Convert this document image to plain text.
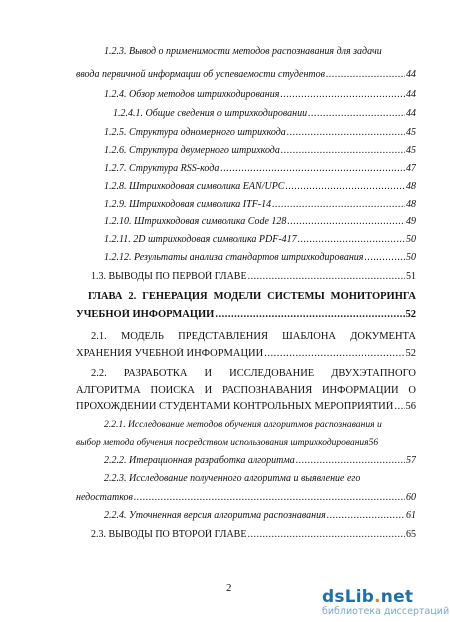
1.2.3. Вывод о применимости методов распознавания для задачи
ввода первичной информации об успеваемости студентов .....	44
1.2.4. Обзор методов штрихкодирования .....	44
1.2.4.1. Общие сведения о штрихкодировании .....	44
1.2.5. Структура одномерного штрихкода .....	45
1.2.6. Структура двумерного штрихкода .....	45
1.2.7. Структура RSS-кода .....	47
1.2.8. Штрихкодовая символика EAN/UPC .....	48
1.2.9. Штрихкодовая символика ITF-14 .....	48
1.2.10. Штрихкодовая символика Code 128 .....	49
1.2.11. 2D штрихкодовая символика PDF-417 .....	50
1.2.12. Результаты анализа стандартов штрихкодирования .....	50
1.3. ВЫВОДЫ ПО ПЕРВОЙ ГЛАВЕ .....	51
ГЛАВА 2. ГЕНЕРАЦИЯ МОДЕЛИ СИСТЕМЫ МОНИТОРИНГА
УЧЕБНОЙ ИНФОРМАЦИИ .....	52
2.1. МОДЕЛЬ ПРЕДСТАВЛЕНИЯ ШАБЛОНА ДОКУМЕНТА
ХРАНЕНИЯ УЧЕБНОЙ ИНФОРМАЦИИ .....	52
2.2. РАЗРАБОТКА И ИССЛЕДОВАНИЕ ДВУХЭТАПНОГО
АЛГОРИТМА ПОИСКА И РАСПОЗНАВАНИЯ ИНФОРМАЦИИ О
ПРОХОЖДЕНИИ СТУДЕНТАМИ КОНТРОЛЬНЫХ МЕРОПРИЯТИЙ ..... 56
2.2.1. Исследование методов обучения алгоритмов распознавания и
выбор метода обучения посредством использования штрихкодирования 56
2.2.2. Итерационная разработка алгоритма .....	57
2.2.3. Исследование полученного алгоритма и выявление его
недостатков .....	60
2.2.4. Уточненная версия алгоритма распознавания .....	61
2.3. ВЫВОДЫ ПО ВТОРОЙ ГЛАВЕ .....	65
2	dsLib.net
библиотека диссертаций
